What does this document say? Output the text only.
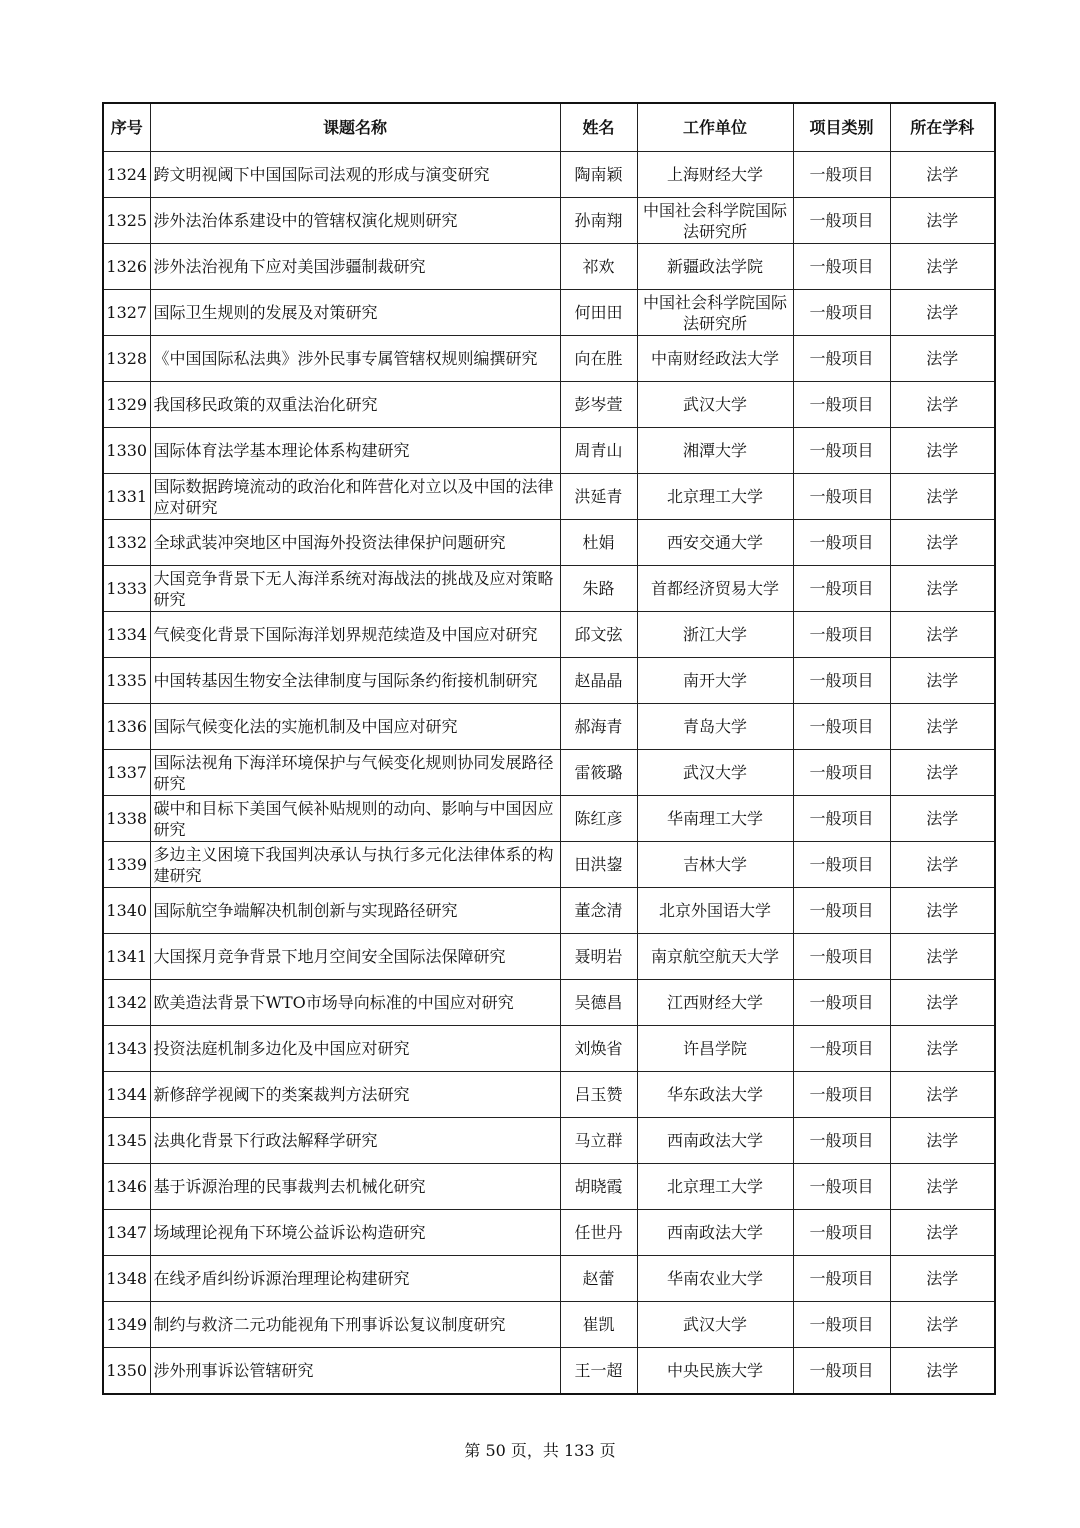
序号	课题名称	姓名	工作单位	项目类别	所在学科
1324	跨文明视阈下中国国际司法观的形成与演变研究	陶南颖	上海财经大学	一般项目	法学
1325	涉外法治体系建设中的管辖权演化规则研究	孙南翔	中国社会科学院国际法研究所	一般项目	法学
1326	涉外法治视角下应对美国涉疆制裁研究	祁欢	新疆政法学院	一般项目	法学
1327	国际卫生规则的发展及对策研究	何田田	中国社会科学院国际法研究所	一般项目	法学
1328	《中国国际私法典》涉外民事专属管辖权规则编撰研究	向在胜	中南财经政法大学	一般项目	法学
1329	我国移民政策的双重法治化研究	彭岑萱	武汉大学	一般项目	法学
1330	国际体育法学基本理论体系构建研究	周青山	湘潭大学	一般项目	法学
1331	国际数据跨境流动的政治化和阵营化对立以及中国的法律应对研究	洪延青	北京理工大学	一般项目	法学
1332	全球武装冲突地区中国海外投资法律保护问题研究	杜娟	西安交通大学	一般项目	法学
1333	大国竞争背景下无人海洋系统对海战法的挑战及应对策略研究	朱路	首都经济贸易大学	一般项目	法学
1334	气候变化背景下国际海洋划界规范续造及中国应对研究	邱文弦	浙江大学	一般项目	法学
1335	中国转基因生物安全法律制度与国际条约衔接机制研究	赵晶晶	南开大学	一般项目	法学
1336	国际气候变化法的实施机制及中国应对研究	郝海青	青岛大学	一般项目	法学
1337	国际法视角下海洋环境保护与气候变化规则协同发展路径研究	雷筱璐	武汉大学	一般项目	法学
1338	碳中和目标下美国气候补贴规则的动向、影响与中国因应研究	陈红彦	华南理工大学	一般项目	法学
1339	多边主义困境下我国判决承认与执行多元化法律体系的构建研究	田洪鋆	吉林大学	一般项目	法学
1340	国际航空争端解决机制创新与实现路径研究	董念清	北京外国语大学	一般项目	法学
1341	大国探月竞争背景下地月空间安全国际法保障研究	聂明岩	南京航空航天大学	一般项目	法学
1342	欧美造法背景下WTO市场导向标准的中国应对研究	吴德昌	江西财经大学	一般项目	法学
1343	投资法庭机制多边化及中国应对研究	刘焕省	许昌学院	一般项目	法学
1344	新修辞学视阈下的类案裁判方法研究	吕玉赞	华东政法大学	一般项目	法学
1345	法典化背景下行政法解释学研究	马立群	西南政法大学	一般项目	法学
1346	基于诉源治理的民事裁判去机械化研究	胡晓霞	北京理工大学	一般项目	法学
1347	场域理论视角下环境公益诉讼构造研究	任世丹	西南政法大学	一般项目	法学
1348	在线矛盾纠纷诉源治理理论构建研究	赵蕾	华南农业大学	一般项目	法学
1349	制约与救济二元功能视角下刑事诉讼复议制度研究	崔凯	武汉大学	一般项目	法学
1350	涉外刑事诉讼管辖研究	王一超	中央民族大学	一般项目	法学
第 50 页，共 133 页
